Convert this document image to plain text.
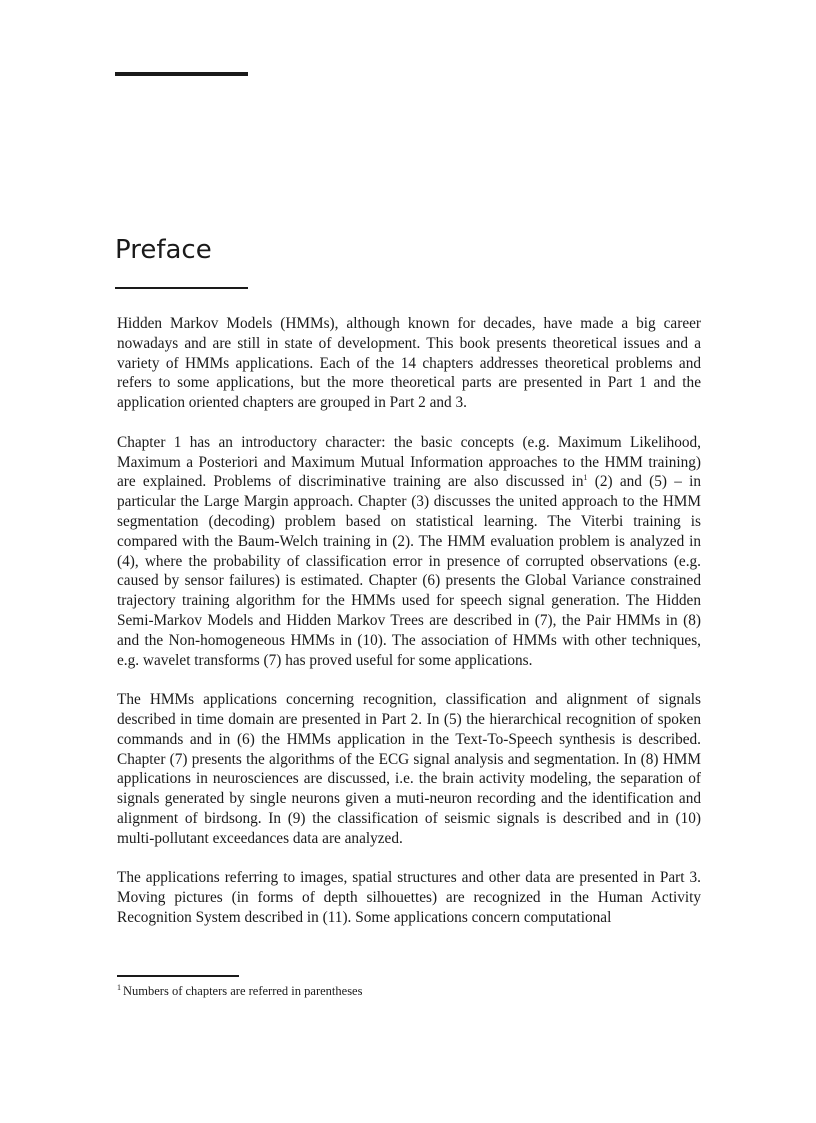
Preface

Hidden Markov Models (HMMs), although known for decades, have made a big career nowadays and are still in state of development. This book presents theoretical issues and a variety of HMMs applications. Each of the 14 chapters addresses theoretical problems and refers to some applications, but the more theoretical parts are presented in Part 1 and the application oriented chapters are grouped in Part 2 and 3.

Chapter 1 has an introductory character: the basic concepts (e.g. Maximum Likelihood, Maximum a Posteriori and Maximum Mutual Information approaches to the HMM training) are explained. Problems of discriminative training are also discussed in$^1$ (2) and (5) – in particular the Large Margin approach. Chapter (3) discusses the united approach to the HMM segmentation (decoding) problem based on statistical learning. The Viterbi training is compared with the Baum-Welch training in (2). The HMM evaluation problem is analyzed in (4), where the probability of classification error in presence of corrupted observations (e.g. caused by sensor failures) is estimated. Chapter (6) presents the Global Variance constrained trajectory training algorithm for the HMMs used for speech signal generation. The Hidden Semi-Markov Models and Hidden Markov Trees are described in (7), the Pair HMMs in (8) and the Non-homogeneous HMMs in (10). The association of HMMs with other techniques, e.g. wavelet transforms (7) has proved useful for some applications.

The HMMs applications concerning recognition, classification and alignment of signals described in time domain are presented in Part 2. In (5) the hierarchical recognition of spoken commands and in (6) the HMMs application in the Text-To-Speech synthesis is described. Chapter (7) presents the algorithms of the ECG signal analysis and segmentation. In (8) HMM applications in neurosciences are discussed, i.e. the brain activity modeling, the separation of signals generated by single neurons given a muti-neuron recording and the identification and alignment of birdsong. In (9) the classification of seismic signals is described and in (10) multi-pollutant exceedances data are analyzed.

The applications referring to images, spatial structures and other data are presented in Part 3. Moving pictures (in forms of depth silhouettes) are recognized in the Human Activity Recognition System described in (11). Some applications concern computational

$^1$ Numbers of chapters are referred in parentheses
